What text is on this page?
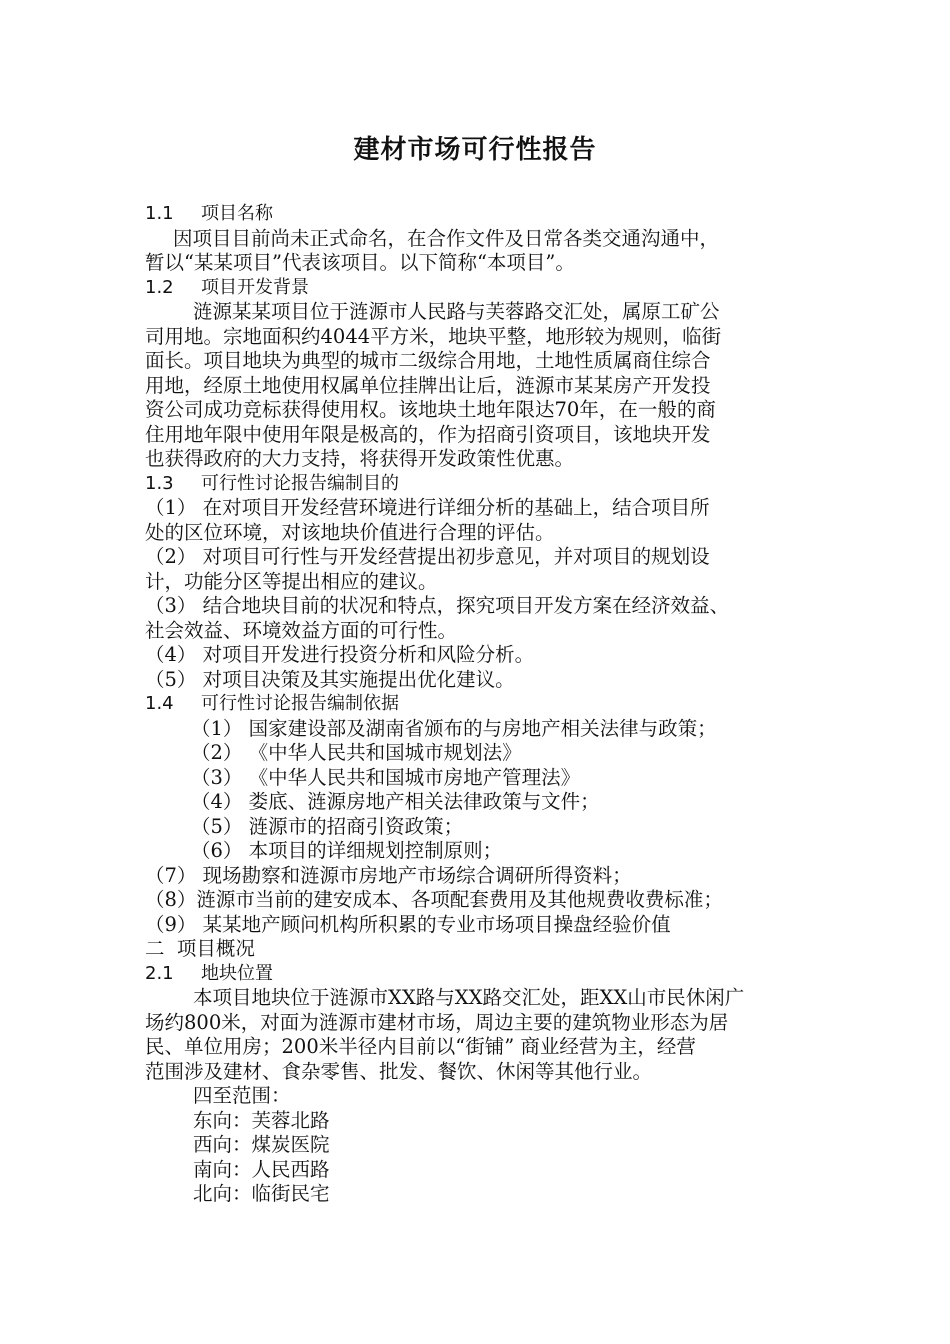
建材市场可行性报告
1.1 项目名称
因项目目前尚未正式命名，在合作文件及日常各类交通沟通中，
暂以“某某项目”代表该项目。以下简称“本项目”。
1.2 项目开发背景
涟源某某项目位于涟源市人民路与芙蓉路交汇处，属原工矿公
司用地。宗地面积约4044平方米，地块平整，地形较为规则，临街
面长。项目地块为典型的城市二级综合用地，土地性质属商住综合
用地，经原土地使用权属单位挂牌出让后，涟源市某某房产开发投
资公司成功竞标获得使用权。该地块土地年限达70年，在一般的商
住用地年限中使用年限是极高的，作为招商引资项目，该地块开发
也获得政府的大力支持，将获得开发政策性优惠。
1.3 可行性讨论报告编制目的
（1） 在对项目开发经营环境进行详细分析的基础上，结合项目所
处的区位环境，对该地块价值进行合理的评估。
（2） 对项目可行性与开发经营提出初步意见，并对项目的规划设
计，功能分区等提出相应的建议。
（3） 结合地块目前的状况和特点，探究项目开发方案在经济效益、
社会效益、环境效益方面的可行性。
（4） 对项目开发进行投资分析和风险分析。
（5） 对项目决策及其实施提出优化建议。
1.4 可行性讨论报告编制依据
（1） 国家建设部及湖南省颁布的与房地产相关法律与政策；
（2） 《中华人民共和国城市规划法》
（3） 《中华人民共和国城市房地产管理法》
（4） 娄底、涟源房地产相关法律政策与文件；
（5） 涟源市的招商引资政策；
（6） 本项目的详细规划控制原则；
（7） 现场勘察和涟源市房地产市场综合调研所得资料；
（8）涟源市当前的建安成本、各项配套费用及其他规费收费标准；
（9） 某某地产顾问机构所积累的专业市场项目操盘经验价值
二 项目概况
2.1 地块位置
本项目地块位于涟源市XX路与XX路交汇处，距XX山市民休闲广
场约800米，对面为涟源市建材市场，周边主要的建筑物业形态为居
民、单位用房；200米半径内目前以“街铺” 商业经营为主，经营
范围涉及建材、食杂零售、批发、餐饮、休闲等其他行业。
四至范围：
东向：芙蓉北路
西向：煤炭医院
南向：人民西路
北向：临街民宅
